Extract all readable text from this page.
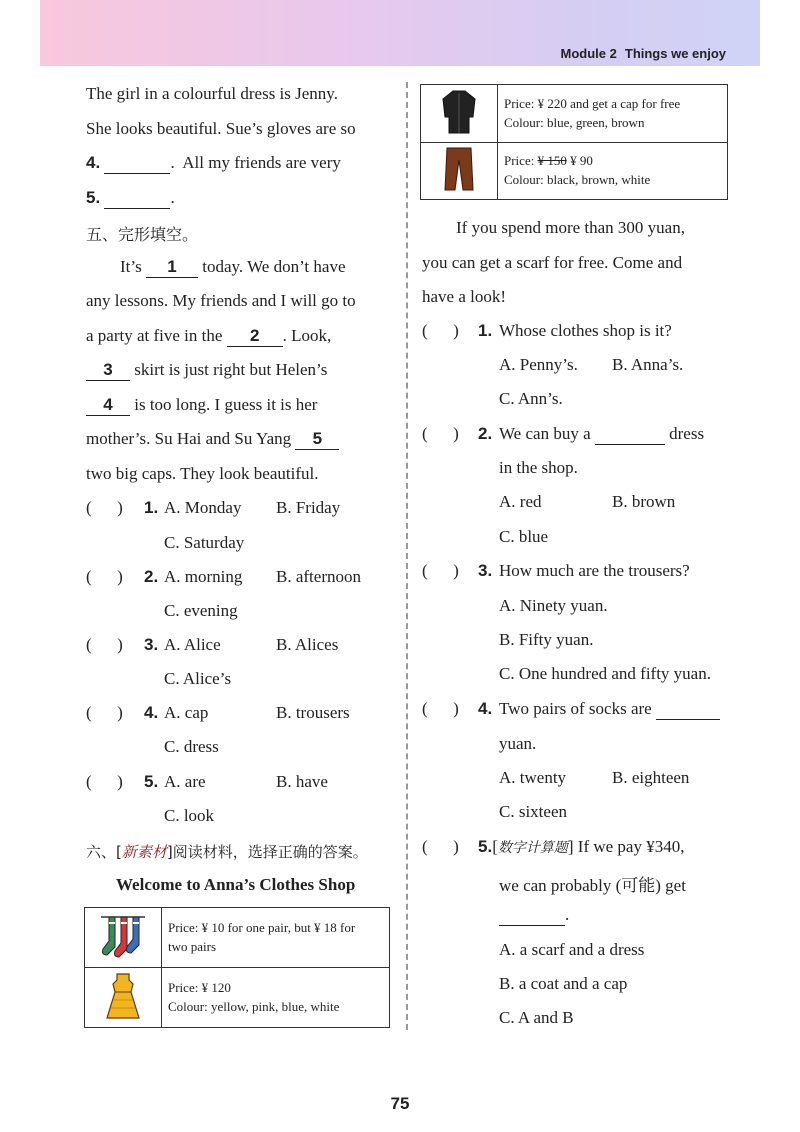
Module 2 Things we enjoy
The girl in a colourful dress is Jenny.
She looks beautiful. Sue’s gloves are so
4.	.  All my friends are very
5.	.
五、完形填空。
It’s 1 today. We don’t have
any lessons. My friends and I will go to
a party at five in the 2 . Look,
3 skirt is just right but Helen’s
4 is too long. I guess it is her
mother’s. Su Hai and Su Yang 5
two big caps. They look beautiful.
(      ) 1. A. Monday B. Friday
C. Saturday
(      ) 2. A. morning B. afternoon
C. evening
(      ) 3. A. Alice	B. Alices
C. Alice’s
(      ) 4. A. cap	B. trousers
C. dress
(      ) 5. A. are	B. have
C. look
六、[新素材]阅读材料，选择正确的答案。
Welcome to Anna’s Clothes Shop

Price: ¥ 10 for one pair, but ¥ 18 for
two pairs

Price: ¥ 120
Colour: yellow, pink, blue, white

Price: ¥ 220 and get a cap for free
Colour: blue, green, brown

Price: ¥ 150 ¥ 90
Colour: black, brown, white
If you spend more than 300 yuan,
you can get a scarf for free. Come and
have a look!
(      ) 1. Whose clothes shop is it?
A. Penny’s. B. Anna’s.
C. Ann’s.
(      ) 2. We can buy a	dress
in the shop.
A. red	B. brown
C. blue
(      ) 3. How much are the trousers?
A. Ninety yuan.
B. Fifty yuan.
C. One hundred and fifty yuan.
(      ) 4. Two pairs of socks are
yuan.
A. twenty	B. eighteen
C. sixteen
(      ) 5.[数字计算题] If we pay ¥340,
we can probably (可能) get
.
A. a scarf and a dress
B. a coat and a cap
C. A and B
75
